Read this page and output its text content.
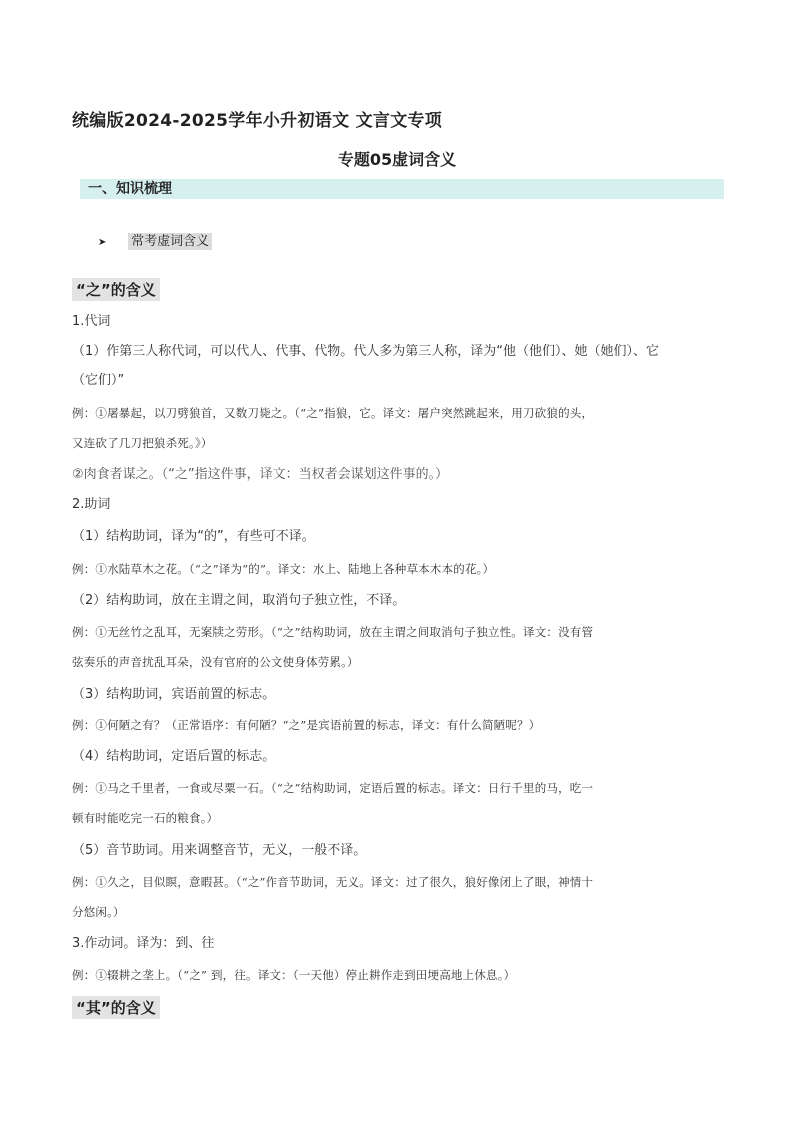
统编版2024-2025学年小升初语文 文言文专项
专题05虚词含义
一、知识梳理
➤ 常考虚词含义
“之”的含义
1.代词
（1）作第三人称代词，可以代人、代事、代物。代人多为第三人称，译为“他（他们）、她（她们）、它
（它们）”
例：①屠暴起，以刀劈狼首，又数刀毙之。（“之”指狼，它。译文：屠户突然跳起来，用刀砍狼的头，
又连砍了几刀把狼杀死。》）
②肉食者谋之。（“之”指这件事，译文：当权者会谋划这件事的。）
2.助词
（1）结构助词，译为“的”，有些可不译。
例：①水陆草木之花。（“之”译为“的”。译文：水上、陆地上各种草本木本的花。）
（2）结构助词，放在主谓之间，取消句子独立性，不译。
例：①无丝竹之乱耳，无案牍之劳形。（“之”结构助词，放在主谓之间取消句子独立性。译文：没有管
弦奏乐的声音扰乱耳朵，没有官府的公文使身体劳累。）
（3）结构助词，宾语前置的标志。
例：①何陋之有？（正常语序：有何陋？“之”是宾语前置的标志，译文：有什么简陋呢？）
（4）结构助词，定语后置的标志。
例：①马之千里者，一食或尽粟一石。（“之”结构助词，定语后置的标志。译文：日行千里的马，吃一
顿有时能吃完一石的粮食。）
（5）音节助词。用来调整音节，无义，一般不译。
例：①久之，目似瞑，意暇甚。（“之”作音节助词，无义。译文：过了很久，狼好像闭上了眼，神情十
分悠闲。）
3.作动词。译为：到、往
例：①辍耕之垄上。（“之” 到，往。译文：（一天他）停止耕作走到田埂高地上休息。）
“其”的含义
